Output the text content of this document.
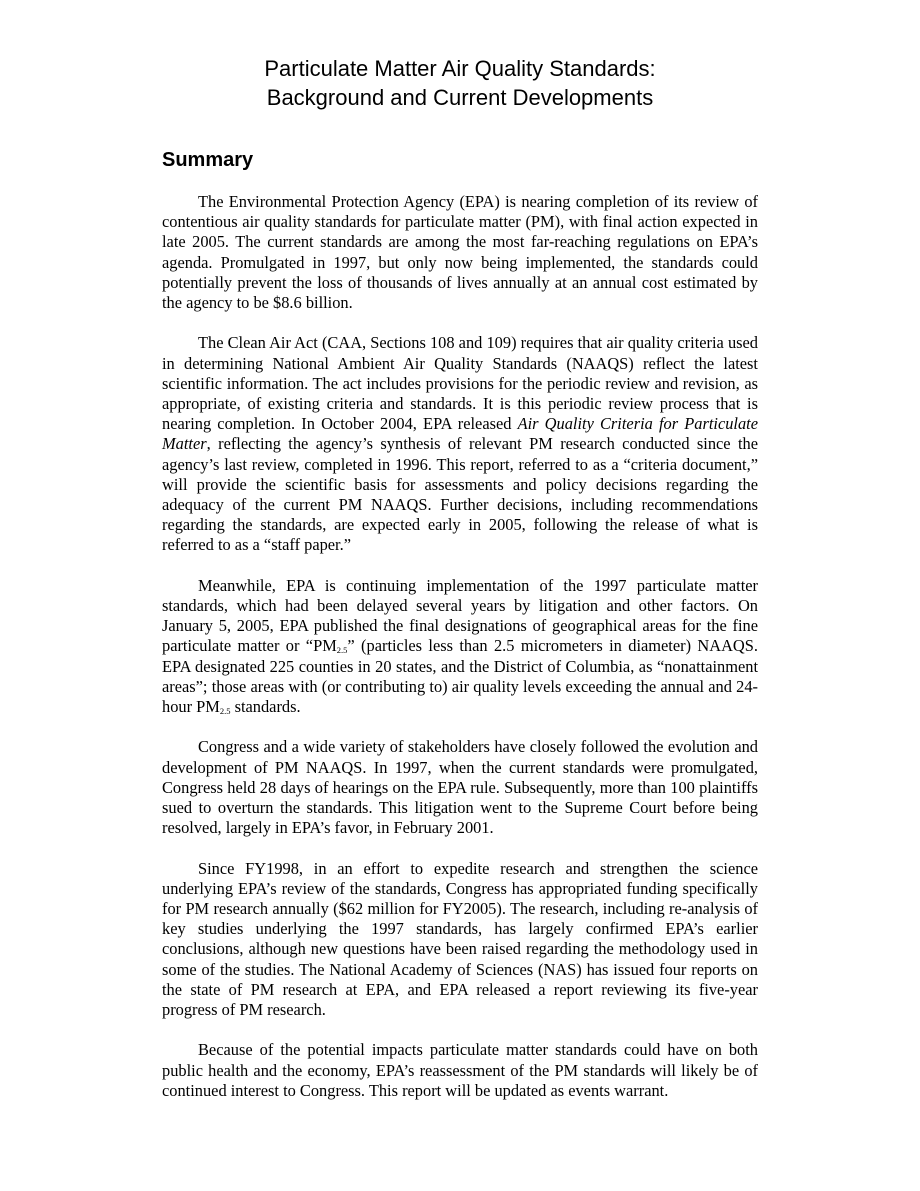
Particulate Matter Air Quality Standards:
Background and Current Developments
Summary

The Environmental Protection Agency (EPA) is nearing completion of its review of contentious air quality standards for particulate matter (PM), with final action expected in late 2005. The current standards are among the most far-reaching regulations on EPA’s agenda. Promulgated in 1997, but only now being implemented, the standards could potentially prevent the loss of thousands of lives annually at an annual cost estimated by the agency to be $8.6 billion.

The Clean Air Act (CAA, Sections 108 and 109) requires that air quality criteria used in determining National Ambient Air Quality Standards (NAAQS) reflect the latest scientific information. The act includes provisions for the periodic review and revision, as appropriate, of existing criteria and standards. It is this periodic review process that is nearing completion. In October 2004, EPA released Air Quality Criteria for Particulate Matter, reflecting the agency’s synthesis of relevant PM research conducted since the agency’s last review, completed in 1996. This report, referred to as a “criteria document,” will provide the scientific basis for assessments and policy decisions regarding the adequacy of the current PM NAAQS. Further decisions, including recommendations regarding the standards, are expected early in 2005, following the release of what is referred to as a “staff paper.”

Meanwhile, EPA is continuing implementation of the 1997 particulate matter standards, which had been delayed several years by litigation and other factors. On January 5, 2005, EPA published the final designations of geographical areas for the fine particulate matter or “$PM_{2.5}$” (particles less than 2.5 micrometers in diameter) NAAQS. EPA designated 225 counties in 20 states, and the District of Columbia, as “nonattainment areas”; those areas with (or contributing to) air quality levels exceeding the annual and 24-hour $PM_{2.5}$ standards.

Congress and a wide variety of stakeholders have closely followed the evolution and development of PM NAAQS. In 1997, when the current standards were promulgated, Congress held 28 days of hearings on the EPA rule. Subsequently, more than 100 plaintiffs sued to overturn the standards. This litigation went to the Supreme Court before being resolved, largely in EPA’s favor, in February 2001.

Since FY1998, in an effort to expedite research and strengthen the science underlying EPA’s review of the standards, Congress has appropriated funding specifically for PM research annually ($62 million for FY2005). The research, including re-analysis of key studies underlying the 1997 standards, has largely confirmed EPA’s earlier conclusions, although new questions have been raised regarding the methodology used in some of the studies. The National Academy of Sciences (NAS) has issued four reports on the state of PM research at EPA, and EPA released a report reviewing its five-year progress of PM research.

Because of the potential impacts particulate matter standards could have on both public health and the economy, EPA’s reassessment of the PM standards will likely be of continued interest to Congress. This report will be updated as events warrant.
